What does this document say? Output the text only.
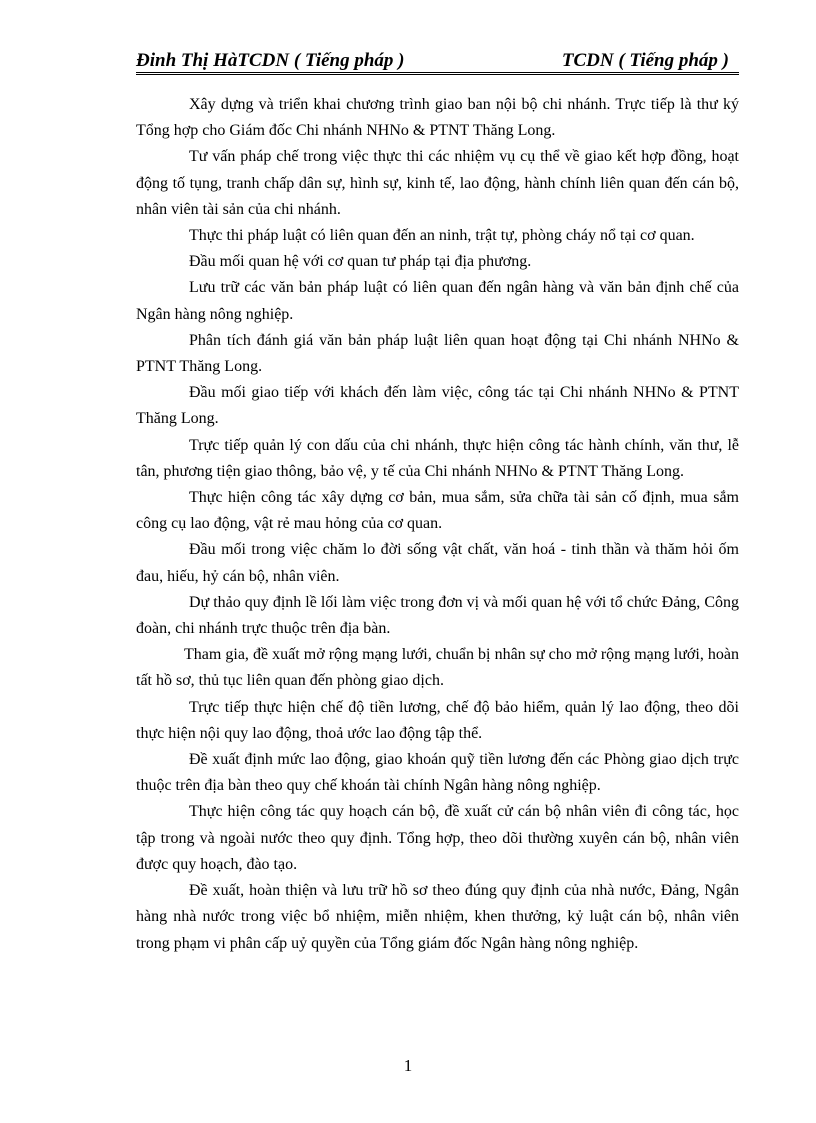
Đinh Thị HàTCDN ( Tiếng pháp )	TCDN ( Tiếng pháp )

Xây dựng và triển khai chương trình giao ban nội bộ chi nhánh. Trực tiếp là thư ký Tổng hợp cho Giám đốc Chi nhánh NHNo & PTNT Thăng Long.

Tư vấn pháp chế trong việc thực thi các nhiệm vụ cụ thể về giao kết hợp đồng, hoạt động tố tụng, tranh chấp dân sự, hình sự, kinh tế, lao động, hành chính liên quan đến cán bộ, nhân viên tài sản của chi nhánh.

Thực thi pháp luật có liên quan đến an ninh, trật tự, phòng cháy nổ tại cơ quan.

Đầu mối quan hệ với cơ quan tư pháp tại địa phương.

Lưu trữ các văn bản pháp luật có liên quan đến ngân hàng và văn bản định chế của Ngân hàng nông nghiệp.

Phân tích đánh giá văn bản pháp luật liên quan hoạt động tại Chi nhánh NHNo & PTNT Thăng Long.

Đầu mối giao tiếp với khách đến làm việc, công tác tại Chi nhánh NHNo & PTNT Thăng Long.

Trực tiếp quản lý con dấu của chi nhánh, thực hiện công tác hành chính, văn thư, lễ tân, phương tiện giao thông, bảo vệ, y tế của Chi nhánh NHNo & PTNT Thăng Long.

Thực hiện công tác xây dựng cơ bản, mua sắm, sửa chữa tài sản cố định, mua sắm công cụ lao động, vật rẻ mau hỏng của cơ quan.

Đầu mối trong việc chăm lo đời sống vật chất, văn hoá - tinh thần và thăm hỏi ốm đau, hiếu, hỷ cán bộ, nhân viên.

Dự thảo quy định lề lối làm việc trong đơn vị và mối quan hệ với tổ chức Đảng, Công đoàn, chi nhánh trực thuộc trên địa bàn.

Tham gia, đề xuất mở rộng mạng lưới, chuẩn bị nhân sự cho mở rộng mạng lưới, hoàn tất hồ sơ, thủ tục liên quan đến phòng giao dịch.

Trực tiếp thực hiện chế độ tiền lương, chế độ bảo hiểm, quản lý lao động, theo dõi thực hiện nội quy lao động, thoả ước lao động tập thể.

Đề xuất định mức lao động, giao khoán quỹ tiền lương đến các Phòng giao dịch trực thuộc trên địa bàn theo quy chế khoán tài chính Ngân hàng nông nghiệp.

Thực hiện công tác quy hoạch cán bộ, đề xuất cử cán bộ nhân viên đi công tác, học tập trong và ngoài nước theo quy định. Tổng hợp, theo dõi thường xuyên cán bộ, nhân viên được quy hoạch, đào tạo.

Đề xuất, hoàn thiện và lưu trữ hồ sơ theo đúng quy định của nhà nước, Đảng, Ngân hàng nhà nước trong việc bổ nhiệm, miễn nhiệm, khen thưởng, kỷ luật cán bộ, nhân viên trong phạm vi phân cấp uỷ quyền của Tổng giám đốc Ngân hàng nông nghiệp.

1
